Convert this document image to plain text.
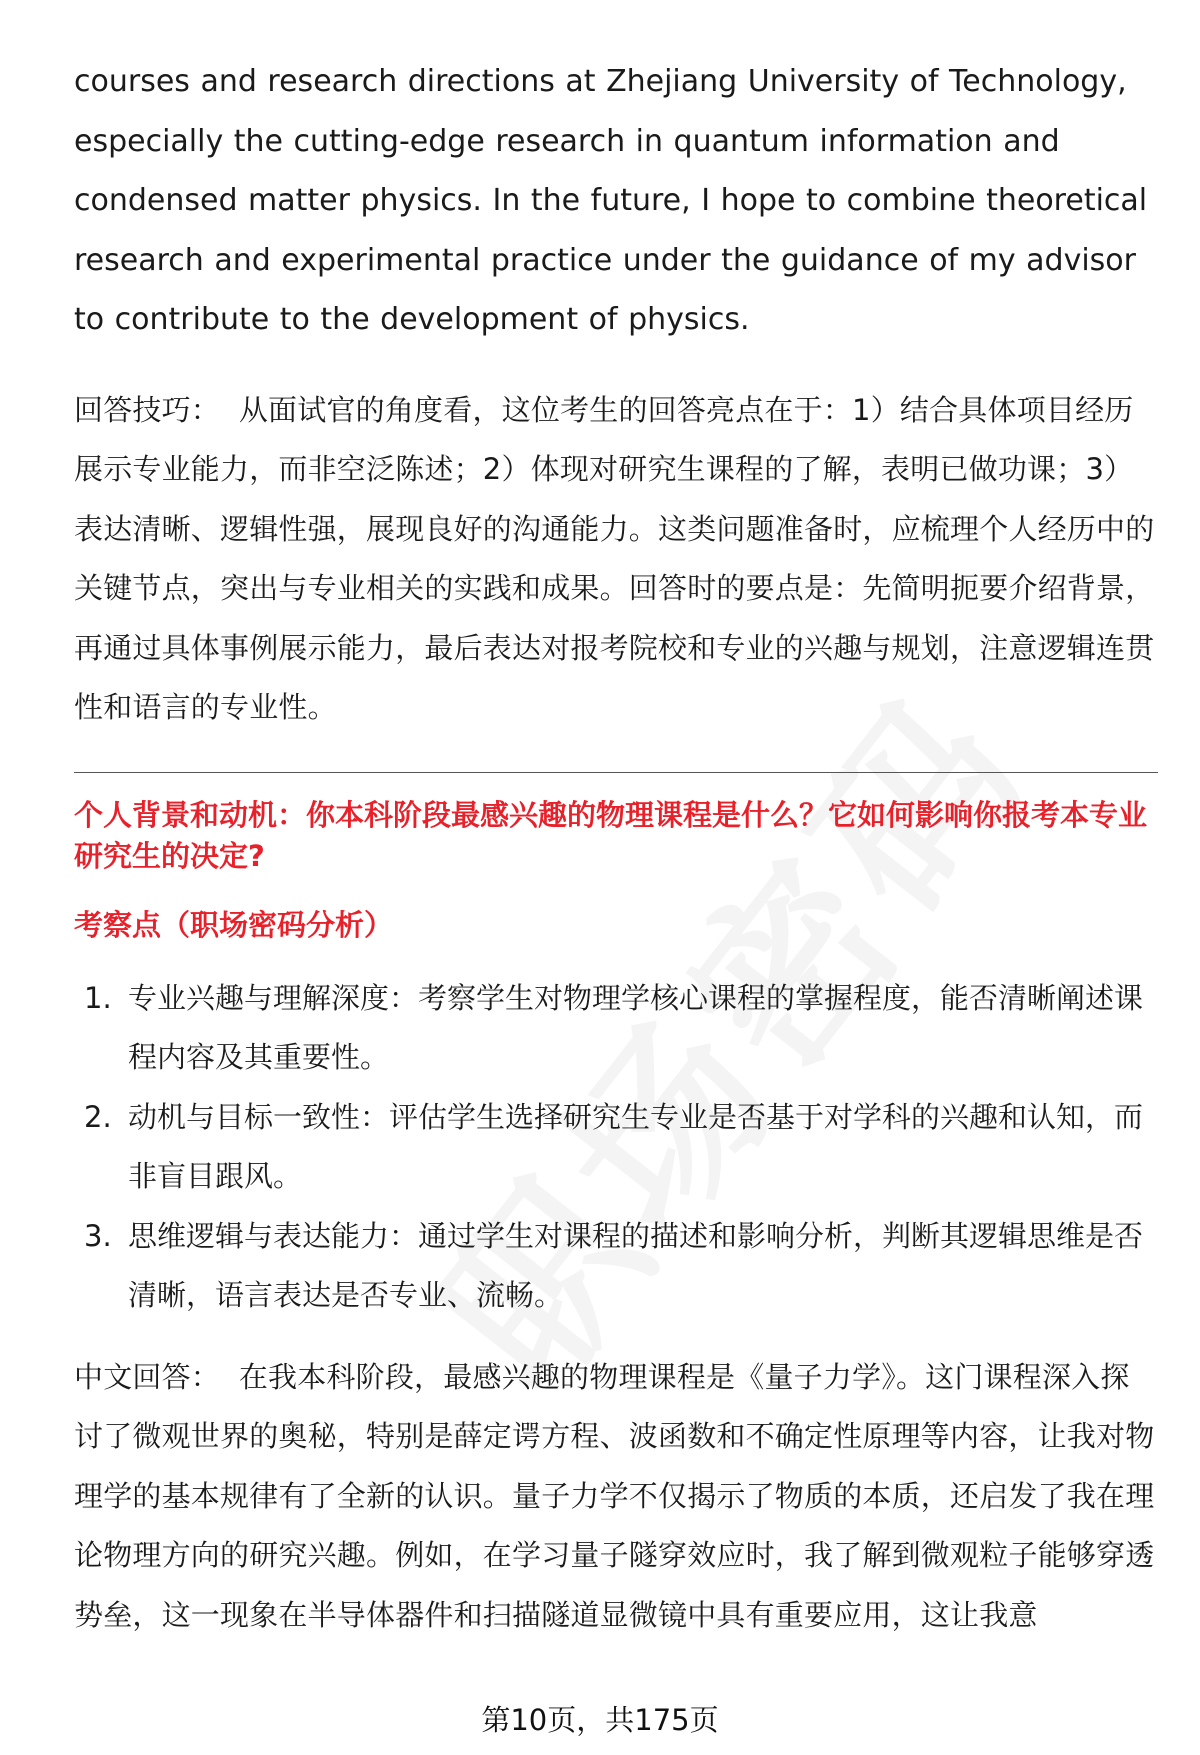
courses and research directions at Zhejiang University of Technology, especially the cutting-edge research in quantum information and condensed matter physics. In the future, I hope to combine theoretical research and experimental practice under the guidance of my advisor to contribute to the development of physics.

回答技巧： 从面试官的角度看，这位考生的回答亮点在于：1）结合具体项目经历展示专业能力，而非空泛陈述；2）体现对研究生课程的了解，表明已做功课；3）表达清晰、逻辑性强，展现良好的沟通能力。这类问题准备时，应梳理个人经历中的关键节点，突出与专业相关的实践和成果。回答时的要点是：先简明扼要介绍背景，再通过具体事例展示能力，最后表达对报考院校和专业的兴趣与规划，注意逻辑连贯性和语言的专业性。

个人背景和动机：你本科阶段最感兴趣的物理课程是什么？它如何影响你报考本专业研究生的决定?

考察点（职场密码分析）

1. 专业兴趣与理解深度：考察学生对物理学核心课程的掌握程度，能否清晰阐述课程内容及其重要性。
2. 动机与目标一致性：评估学生选择研究生专业是否基于对学科的兴趣和认知，而非盲目跟风。
3. 思维逻辑与表达能力：通过学生对课程的描述和影响分析，判断其逻辑思维是否清晰，语言表达是否专业、流畅。

中文回答： 在我本科阶段，最感兴趣的物理课程是《量子力学》。这门课程深入探讨了微观世界的奥秘，特别是薛定谔方程、波函数和不确定性原理等内容，让我对物理学的基本规律有了全新的认识。量子力学不仅揭示了物质的本质，还启发了我在理论物理方向的研究兴趣。例如，在学习量子隧穿效应时，我了解到微观粒子能够穿透势垒，这一现象在半导体器件和扫描隧道显微镜中具有重要应用，这让我意

第10页，共175页
